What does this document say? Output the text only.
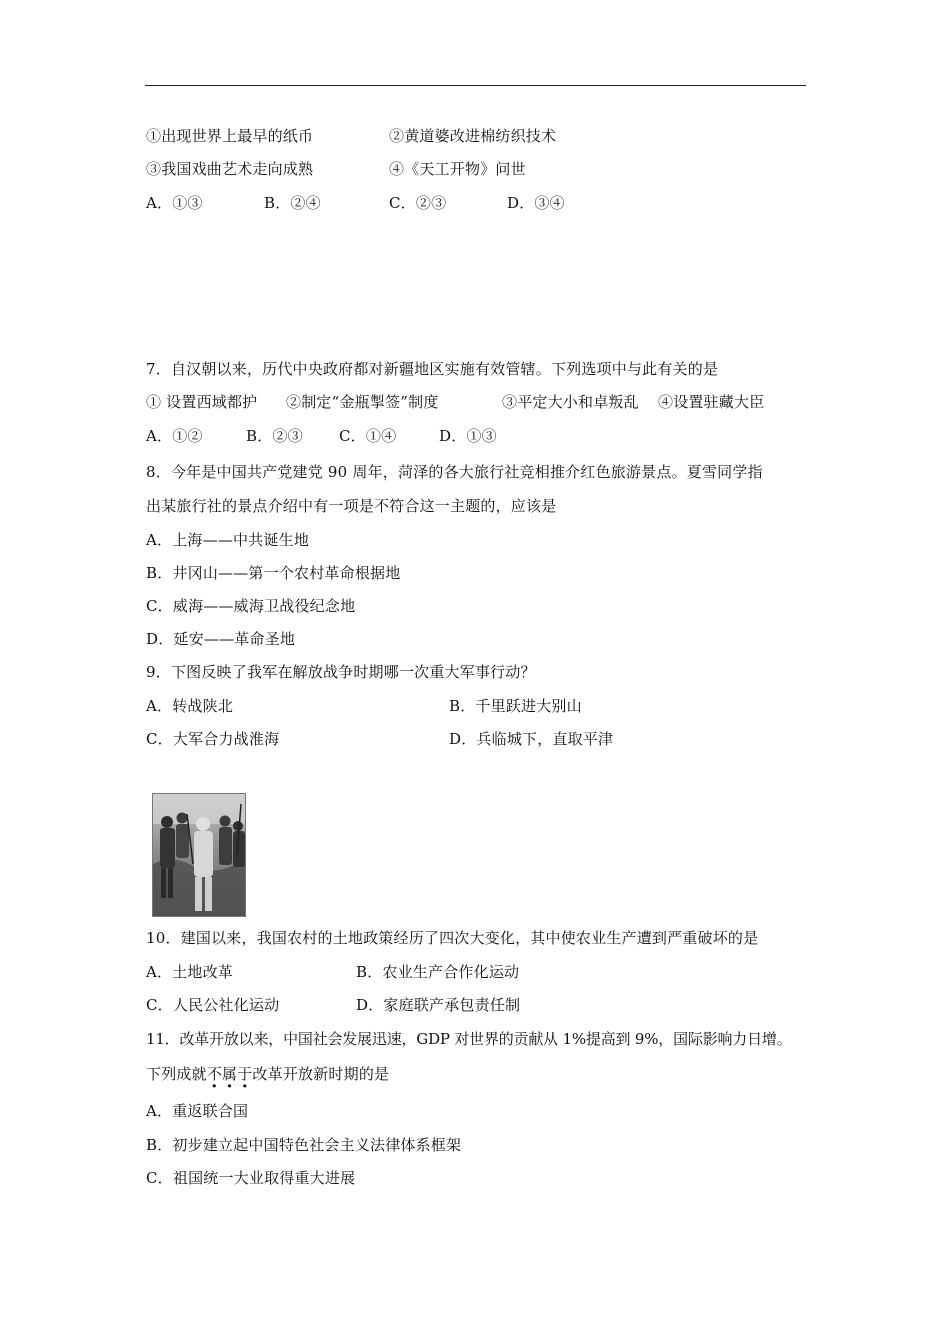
①出现世界上最早的纸币	②黄道婆改进棉纺织技术
③我国戏曲艺术走向成熟	④《天工开物》问世
A．①③	B．②④	C．②③	D．③④
7．自汉朝以来，历代中央政府都对新疆地区实施有效管辖。下列选项中与此有关的是
① 设置西域都护 ②制定“金瓶掣签”制度	③平定大小和卓叛乱 ④设置驻藏大臣
A．①②	B．②③ C．①④	D．①③
8．今年是中国共产党建党 90 周年，菏泽的各大旅行社竞相推介红色旅游景点。夏雪同学指
出某旅行社的景点介绍中有一项是不符合这一主题的，应该是
A．上海——中共诞生地
B．井冈山——第一个农村革命根据地
C．威海——威海卫战役纪念地
D．延安——革命圣地
9．下图反映了我军在解放战争时期哪一次重大军事行动？
A．转战陕北	B．千里跃进大别山
C．大军合力战淮海	D．兵临城下，直取平津
10．建国以来，我国农村的土地政策经历了四次大变化，其中使农业生产遭到严重破坏的是
A．土地改革	B．农业生产合作化运动
C．人民公社化运动	D．家庭联产承包责任制
11．改革开放以来，中国社会发展迅速，GDP 对世界的贡献从 1%提高到 9%，国际影响力日增。
下列成就不属于改革开放新时期的是
A．重返联合国
B．初步建立起中国特色社会主义法律体系框架
C．祖国统一大业取得重大进展
